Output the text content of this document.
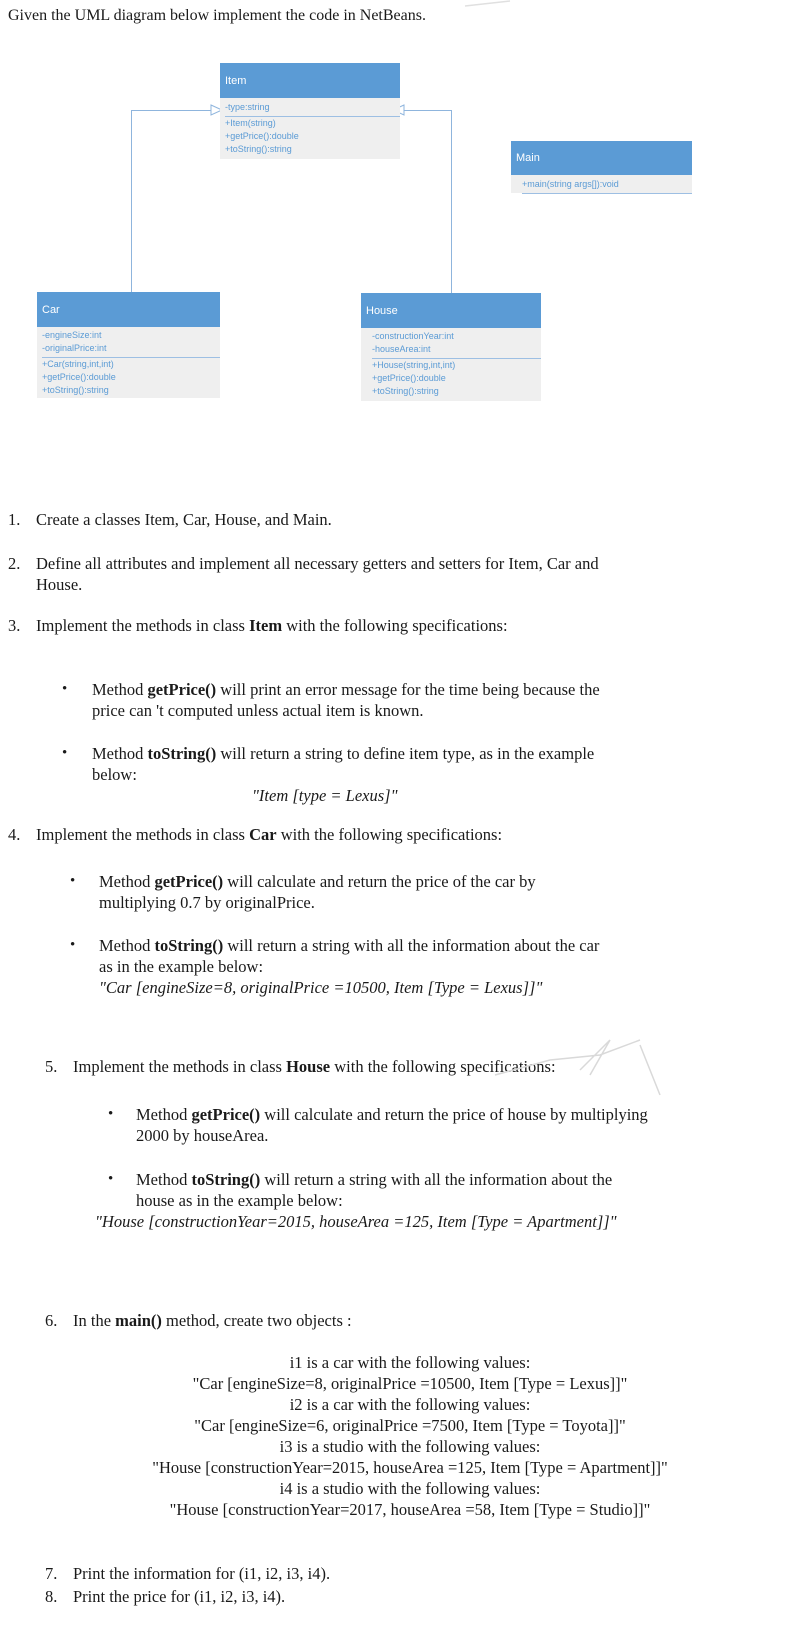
Given the UML diagram below implement the code in NetBeans.
Item
-type:string
+Item(string)
+getPrice():double
+toString():string
Main
+main(string args[]):void
Car
-engineSize:int
-originalPrice:int
+Car(string,int,int)
+getPrice():double
+toString():string
House
-constructionYear:int
-houseArea:int
+House(string,int,int)
+getPrice():double
+toString():string
1. Create a classes Item, Car, House, and Main.
2. Define all attributes and implement all necessary getters and setters for Item, Car and
House.
3. Implement the methods in class Item with the following specifications:
• Method getPrice() will print an error message for the time being because the
price can 't computed unless actual item is known.
• Method toString() will return a string to define item type, as in the example
below:
"Item [type = Lexus]"
4. Implement the methods in class Car with the following specifications:
• Method getPrice() will calculate and return the price of the car by
multiplying 0.7 by originalPrice.
• Method toString() will return a string with all the information about the car
as in the example below:
"Car [engineSize=8, originalPrice =10500, Item [Type = Lexus]]"
5. Implement the methods in class House with the following specifications:
• Method getPrice() will calculate and return the price of house by multiplying
2000 by houseArea.
• Method toString() will return a string with all the information about the
house as in the example below:
"House [constructionYear=2015, houseArea =125, Item [Type = Apartment]]"
6. In the main() method, create two objects :
i1 is a car with the following values:
"Car [engineSize=8, originalPrice =10500, Item [Type = Lexus]]"
i2 is a car with the following values:
"Car [engineSize=6, originalPrice =7500, Item [Type = Toyota]]"
i3 is a studio with the following values:
"House [constructionYear=2015, houseArea =125, Item [Type = Apartment]]"
i4 is a studio with the following values:
"House [constructionYear=2017, houseArea =58, Item [Type = Studio]]"
7. Print the information for (i1, i2, i3, i4).
8. Print the price for (i1, i2, i3, i4).
